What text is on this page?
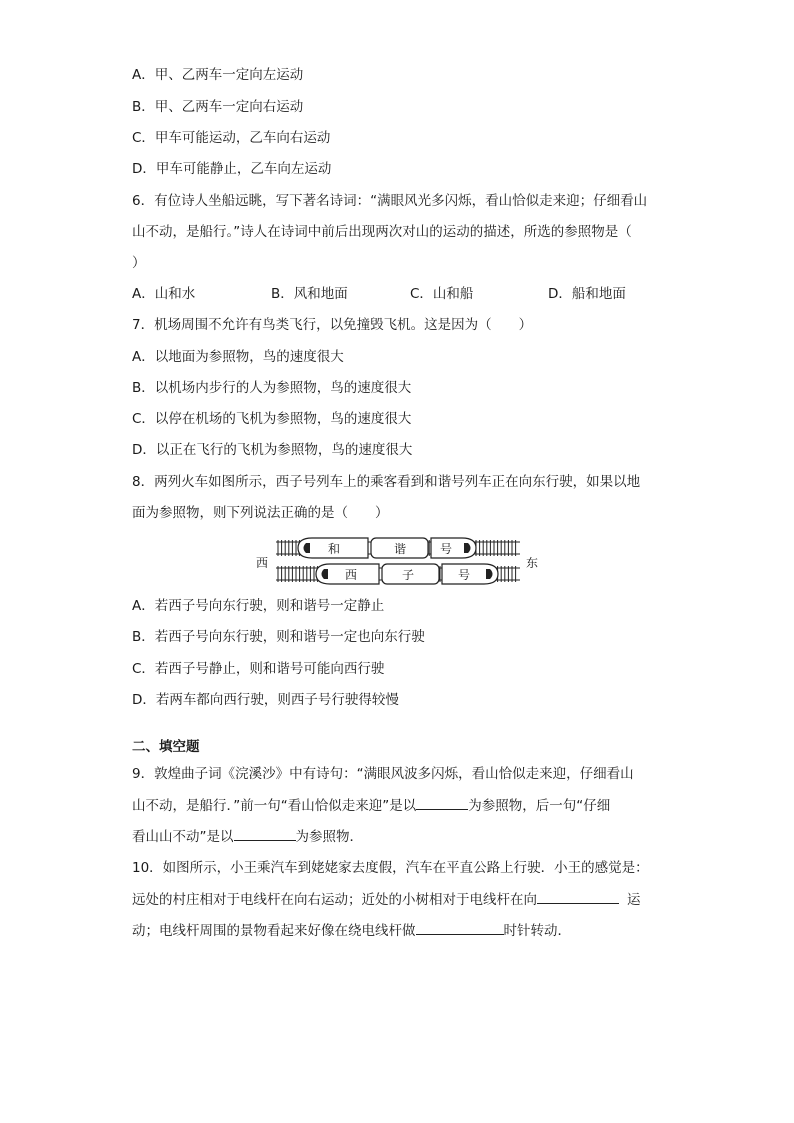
A．甲、乙两车一定向左运动
B．甲、乙两车一定向右运动
C．甲车可能运动，乙车向右运动
D．甲车可能静止，乙车向左运动
6．有位诗人坐船远眺，写下著名诗词：“满眼风光多闪烁，看山恰似走来迎；仔细看山
山不动，是船行。”诗人在诗词中前后出现两次对山的运动的描述，所选的参照物是（
）
A．山和水	B．风和地面	C．山和船	D．船和地面
7．机场周围不允许有鸟类飞行，以免撞毁飞机。这是因为（　　）
A．以地面为参照物，鸟的速度很大
B．以机场内步行的人为参照物，鸟的速度很大
C．以停在机场的飞机为参照物，鸟的速度很大
D．以正在飞行的飞机为参照物，鸟的速度很大
8．两列火车如图所示，西子号列车上的乘客看到和谐号列车正在向东行驶，如果以地
面为参照物，则下列说法正确的是（　　）
西	东
和	谐	号
西	子	号
A．若西子号向东行驶，则和谐号一定静止
B．若西子号向东行驶，则和谐号一定也向东行驶
C．若西子号静止，则和谐号可能向西行驶
D．若两车都向西行驶，则西子号行驶得较慢
二、填空题
9．敦煌曲子词《浣溪沙》中有诗句：“满眼风波多闪烁，看山恰似走来迎，仔细看山
山不动，是船行．”前一句“看山恰似走来迎”是以	为参照物，后一句“仔细
看山山不动”是以	为参照物．
10．如图所示，小王乘汽车到姥姥家去度假，汽车在平直公路上行驶．小王的感觉是：
远处的村庄相对于电线杆在向右运动；近处的小树相对于电线杆在向	运
动；电线杆周围的景物看起来好像在绕电线杆做	时针转动．
